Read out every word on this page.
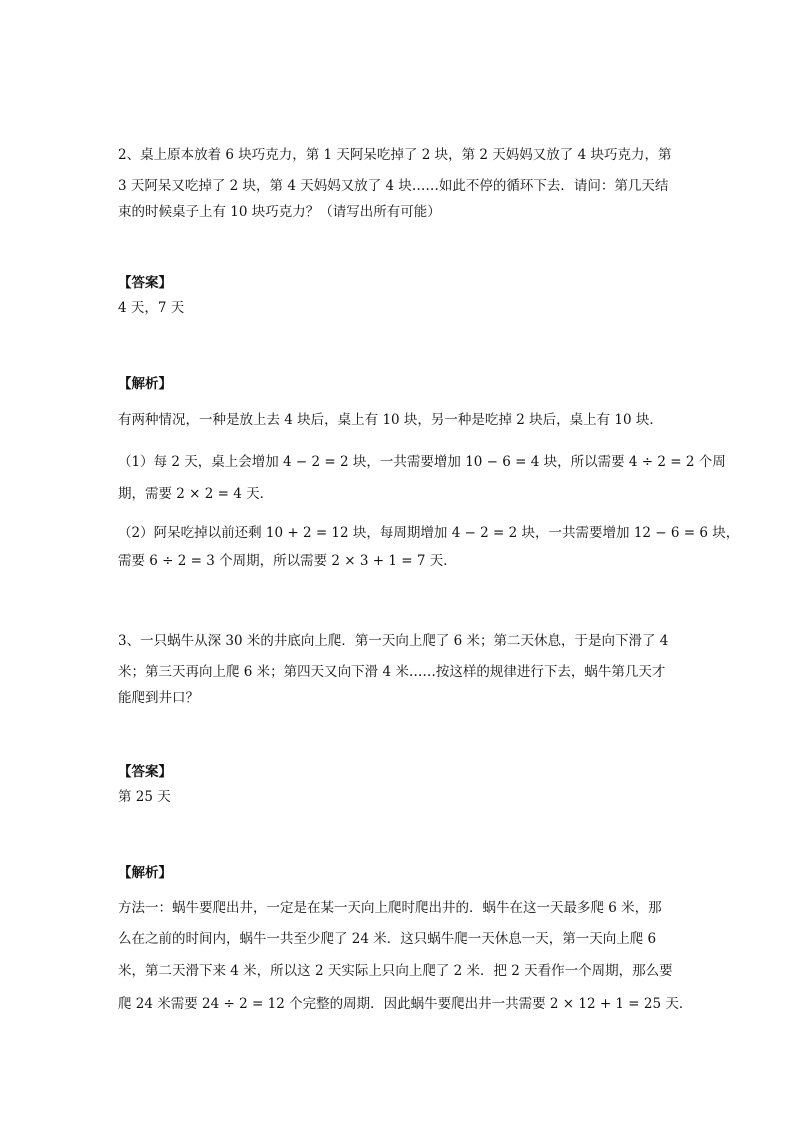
2、桌上原本放着 6 块巧克力，第 1 天阿呆吃掉了 2 块，第 2 天妈妈又放了 4 块巧克力，第
3 天阿呆又吃掉了 2 块，第 4 天妈妈又放了 4 块……如此不停的循环下去．请问：第几天结
束的时候桌子上有 10 块巧克力？（请写出所有可能）
【答案】
4 天，7 天
【解析】
有两种情况，一种是放上去 4 块后，桌上有 10 块，另一种是吃掉 2 块后，桌上有 10 块．
（1）每 2 天，桌上会增加 4 − 2 = 2 块，一共需要增加 10 − 6 = 4 块，所以需要 4 ÷ 2 = 2 个周
期，需要 2 × 2 = 4 天．
（2）阿呆吃掉以前还剩 10 + 2 = 12 块，每周期增加 4 − 2 = 2 块，一共需要增加 12 − 6 = 6 块，
需要 6 ÷ 2 = 3 个周期，所以需要 2 × 3 + 1 = 7 天．
3、一只蜗牛从深 30 米的井底向上爬．第一天向上爬了 6 米；第二天休息，于是向下滑了 4
米；第三天再向上爬 6 米；第四天又向下滑 4 米……按这样的规律进行下去，蜗牛第几天才
能爬到井口？
【答案】
第 25 天
【解析】
方法一：蜗牛要爬出井，一定是在某一天向上爬时爬出井的．蜗牛在这一天最多爬 6 米，那
么在之前的时间内，蜗牛一共至少爬了 24 米．这只蜗牛爬一天休息一天，第一天向上爬 6
米，第二天滑下来 4 米，所以这 2 天实际上只向上爬了 2 米．把 2 天看作一个周期，那么要
爬 24 米需要 24 ÷ 2 = 12 个完整的周期．因此蜗牛要爬出井一共需要 2 × 12 + 1 = 25 天．
